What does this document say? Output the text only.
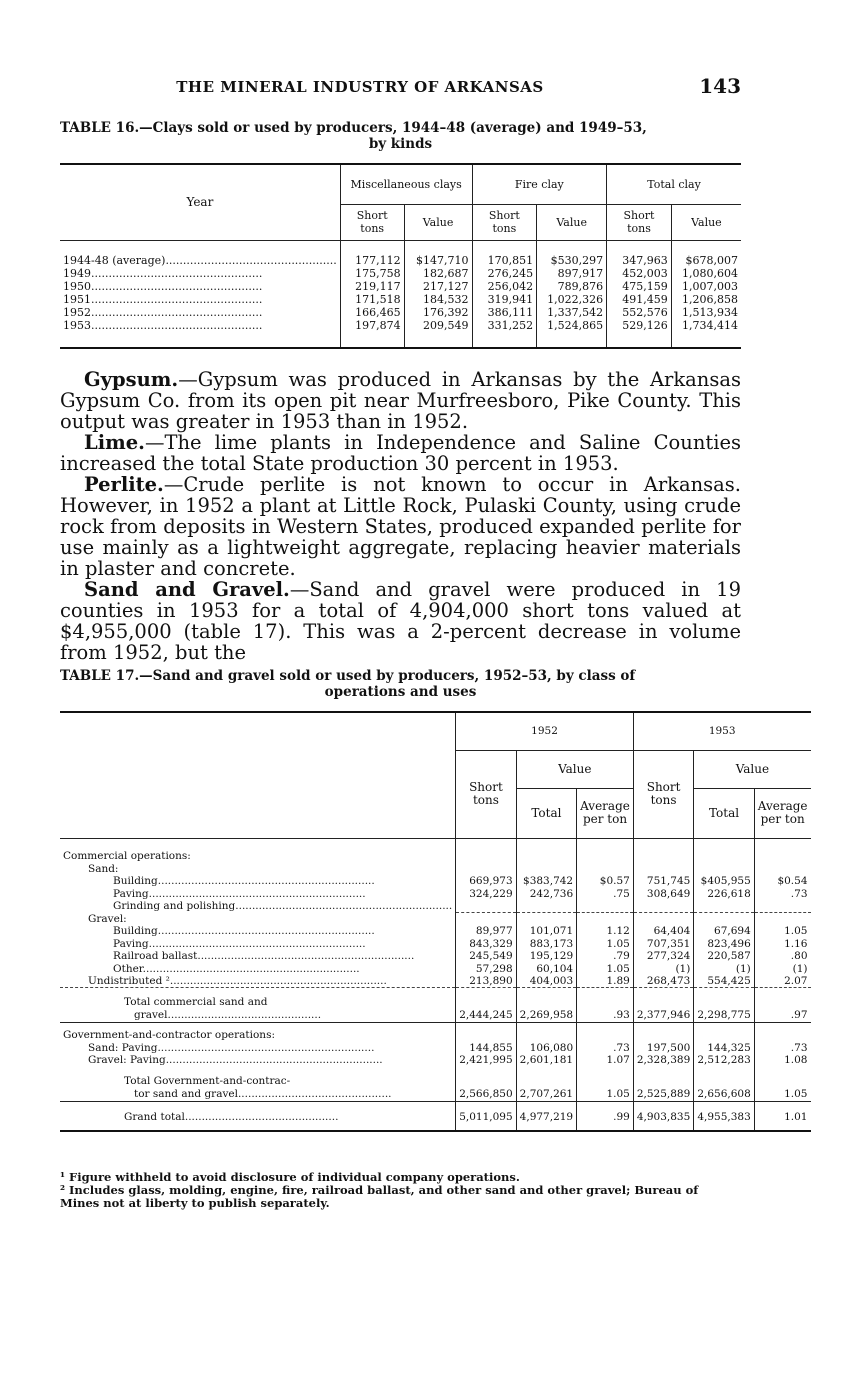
THE MINERAL INDUSTRY OF ARKANSAS	143
TABLE 16.—Clays sold or used by producers, 1944–48 (average) and 1949–53,
by kinds
Year	Miscellaneous clays		Fire clay		Total clay	
	Short tons	Value	Short tons	Value	Short tons	Value

1944-48 (average).................................................	177,112	$147,710	170,851	$530,297	347,963	$678,007
1949.................................................	175,758	182,687	276,245	897,917	452,003	1,080,604
1950.................................................	219,117	217,127	256,042	789,876	475,159	1,007,003
1951.................................................	171,518	184,532	319,941	1,022,326	491,459	1,206,858
1952.................................................	166,465	176,392	386,111	1,337,542	552,576	1,513,934
1953.................................................	197,874	209,549	331,252	1,524,865	529,126	1,734,414

Gypsum.—Gypsum was produced in Arkansas by the Arkansas Gypsum Co. from its open pit near Murfreesboro, Pike County. This output was greater in 1953 than in 1952.

Lime.—The lime plants in Independence and Saline Counties increased the total State production 30 percent in 1953.

Perlite.—Crude perlite is not known to occur in Arkansas. However, in 1952 a plant at Little Rock, Pulaski County, using crude rock from deposits in Western States, produced expanded perlite for use mainly as a lightweight aggregate, replacing heavier materials in plaster and concrete.

Sand and Gravel.—Sand and gravel were produced in 19 counties in 1953 for a total of 4,904,000 short tons valued at $4,955,000 (table 17). This was a 2-percent decrease in volume from 1952, but the

TABLE 17.—Sand and gravel sold or used by producers, 1952–53, by class of
operations and uses
	1952			1953		
	Short tons	Value		Short tons	Value	
		Total	Average per ton		Total	Average per ton

Commercial operations:						
Sand:						
Building.................................................................	669,973	$383,742	$0.57	751,745	$405,955	$0.54
Paving.................................................................	324,229	242,736	.75	308,649	226,618	.73
Grinding and polishing.................................................................						
Gravel:						
Building.................................................................	89,977	101,071	1.12	64,404	67,694	1.05
Paving.................................................................	843,329	883,173	1.05	707,351	823,496	1.16
Railroad ballast.................................................................	245,549	195,129	.79	277,324	220,587	.80
Other.................................................................	57,298	60,104	1.05	(1)	(1)	(1)
Undistributed ².................................................................	213,890	404,003	1.89	268,473	554,425	2.07

Total commercial sand and						
gravel..............................................	2,444,245	2,269,958	.93	2,377,946	2,298,775	.97

Government-and-contractor operations:						
Sand: Paving.................................................................	144,855	106,080	.73	197,500	144,325	.73
Gravel: Paving.................................................................	2,421,995	2,601,181	1.07	2,328,389	2,512,283	1.08

Total Government-and-contrac-						
tor sand and gravel..............................................	2,566,850	2,707,261	1.05	2,525,889	2,656,608	1.05

Grand total..............................................	5,011,095	4,977,219	.99	4,903,835	4,955,383	1.01

¹ Figure withheld to avoid disclosure of individual company operations.

² Includes glass, molding, engine, fire, railroad ballast, and other sand and other gravel; Bureau of Mines not at liberty to publish separately.
